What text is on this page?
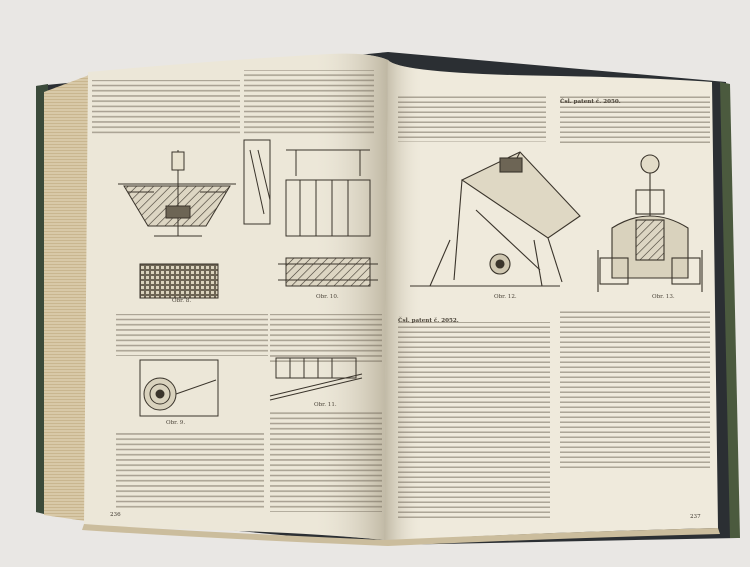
Obr. 8.
Obr. 10.
Obr. 9.
Obr. 11.
Obr. 12.	Obr. 13.
Čsl. patent č. 2050.
Čsl. patent č. 2052.
236	237
